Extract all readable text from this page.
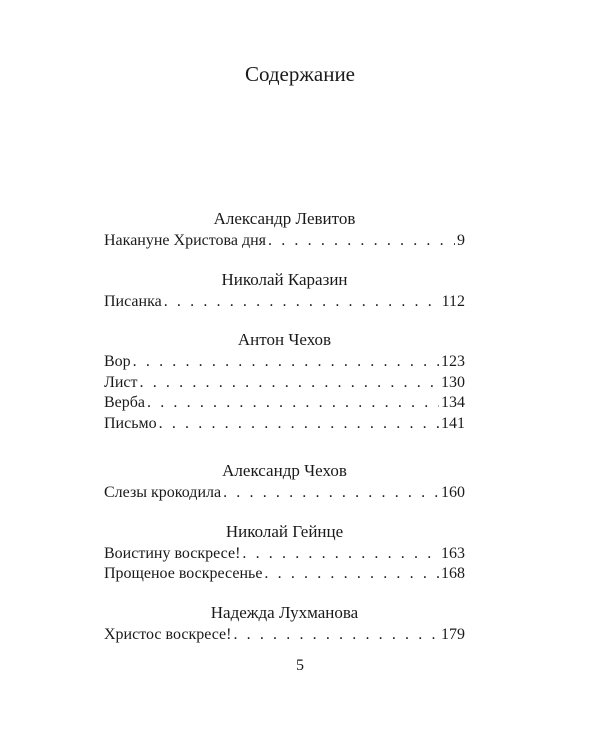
Содержание
Александр Левитов
Накануне Христова дня . . .	9
Николай Каразин
Писанка . . .	112
Антон Чехов
Вор . . .	123
Лист . . .	130
Верба . . .	134
Письмо . . .	141
Александр Чехов
Слезы крокодила . . .	160
Николай Гейнце
Воистину воскресе! . . .	163
Прощеное воскресенье . . .	168
Надежда Лухманова
Христос воскресе! . . .	179
5
